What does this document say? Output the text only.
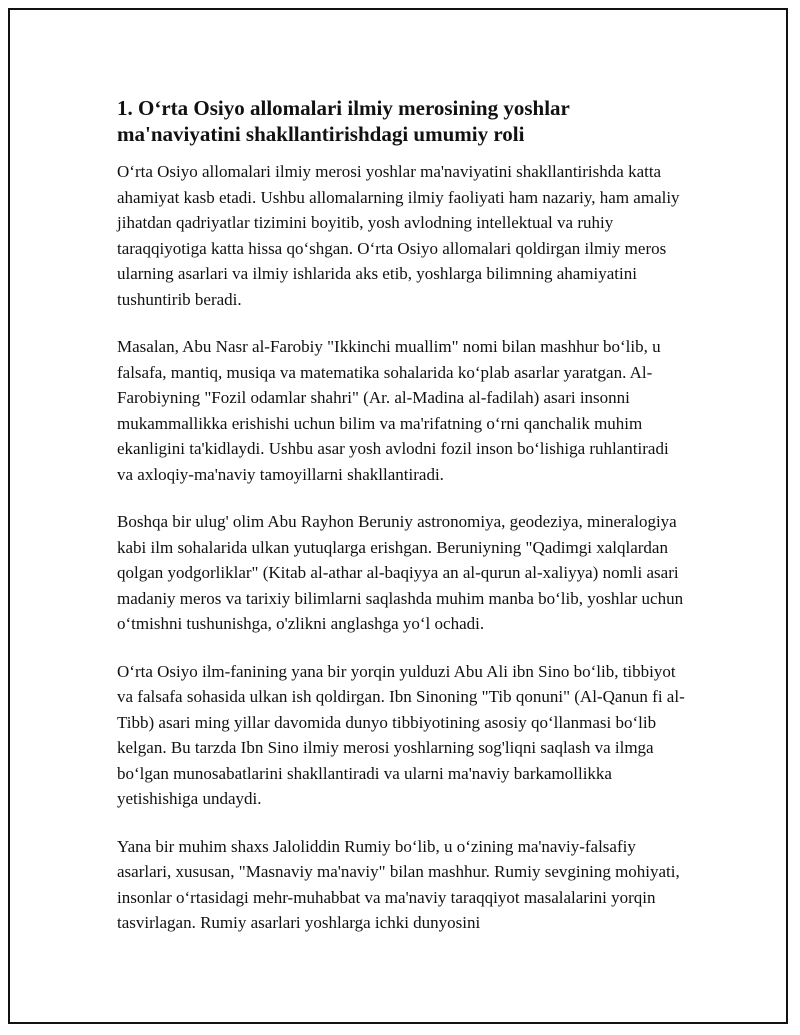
1. O‘rta Osiyo allomalari ilmiy merosining yoshlar ma'naviyatini shakllantirishdagi umumiy roli

O‘rta Osiyo allomalari ilmiy merosi yoshlar ma'naviyatini shakllantirishda katta ahamiyat kasb etadi. Ushbu allomalarning ilmiy faoliyati ham nazariy, ham amaliy jihatdan qadriyatlar tizimini boyitib, yosh avlodning intellektual va ruhiy taraqqiyotiga katta hissa qo‘shgan. O‘rta Osiyo allomalari qoldirgan ilmiy meros ularning asarlari va ilmiy ishlarida aks etib, yoshlarga bilimning ahamiyatini tushuntirib beradi.

Masalan, Abu Nasr al-Farobiy "Ikkinchi muallim" nomi bilan mashhur bo‘lib, u falsafa, mantiq, musiqa va matematika sohalarida ko‘plab asarlar yaratgan. Al-Farobiyning "Fozil odamlar shahri" (Ar. al-Madina al-fadilah) asari insonni mukammallikka erishishi uchun bilim va ma'rifatning o‘rni qanchalik muhim ekanligini ta'kidlaydi. Ushbu asar yosh avlodni fozil inson bo‘lishiga ruhlantiradi va axloqiy-ma'naviy tamoyillarni shakllantiradi.

Boshqa bir ulug' olim Abu Rayhon Beruniy astronomiya, geodeziya, mineralogiya kabi ilm sohalarida ulkan yutuqlarga erishgan. Beruniyning "Qadimgi xalqlardan qolgan yodgorliklar" (Kitab al-athar al-baqiyya an al-qurun al-xaliyya) nomli asari madaniy meros va tarixiy bilimlarni saqlashda muhim manba bo‘lib, yoshlar uchun o‘tmishni tushunishga, o'zlikni anglashga yo‘l ochadi.

O‘rta Osiyo ilm-fanining yana bir yorqin yulduzi Abu Ali ibn Sino bo‘lib, tibbiyot va falsafa sohasida ulkan ish qoldirgan. Ibn Sinoning "Tib qonuni" (Al-Qanun fi al-Tibb) asari ming yillar davomida dunyo tibbiyotining asosiy qo‘llanmasi bo‘lib kelgan. Bu tarzda Ibn Sino ilmiy merosi yoshlarning sog'liqni saqlash va ilmga bo‘lgan munosabatlarini shakllantiradi va ularni ma'naviy barkamollikka yetishishiga undaydi.

Yana bir muhim shaxs Jaloliddin Rumiy bo‘lib, u o‘zining ma'naviy-falsafiy asarlari, xususan, "Masnaviy ma'naviy" bilan mashhur. Rumiy sevgining mohiyati, insonlar o‘rtasidagi mehr-muhabbat va ma'naviy taraqqiyot masalalarini yorqin tasvirlagan. Rumiy asarlari yoshlarga ichki dunyosini
